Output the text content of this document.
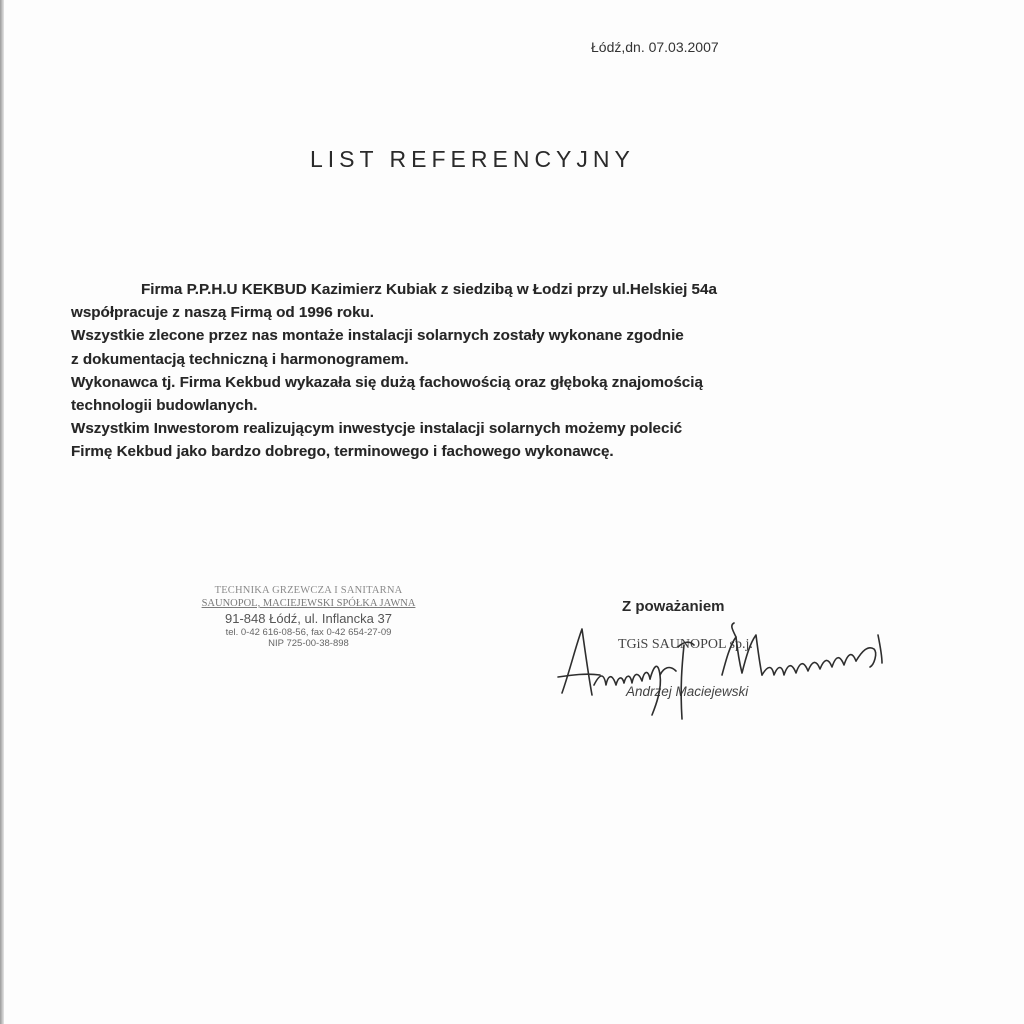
Łódź,dn. 07.03.2007
LIST REFERENCYJNY
Firma P.P.H.U KEKBUD Kazimierz Kubiak z siedzibą w Łodzi przy ul.Helskiej 54a
współpracuje z naszą Firmą od 1996 roku.
Wszystkie zlecone przez nas montaże instalacji solarnych zostały wykonane zgodnie
z dokumentacją techniczną i harmonogramem.
Wykonawca tj. Firma Kekbud wykazała się dużą fachowością oraz głęboką znajomością
technologii budowlanych.
Wszystkim Inwestorom realizującym inwestycje instalacji solarnych możemy polecić
Firmę Kekbud jako bardzo dobrego, terminowego i fachowego wykonawcę.
TECHNIKA GRZEWCZA I SANITARNA
SAUNOPOL, MACIEJEWSKI SPÓŁKA JAWNA
91-848 Łódź, ul. Inflancka 37
tel. 0-42 616-08-56, fax 0-42 654-27-09
NIP 725-00-38-898
Z poważaniem
TGiS SAUNOPOL sp.j.
Andrzej Maciejewski
